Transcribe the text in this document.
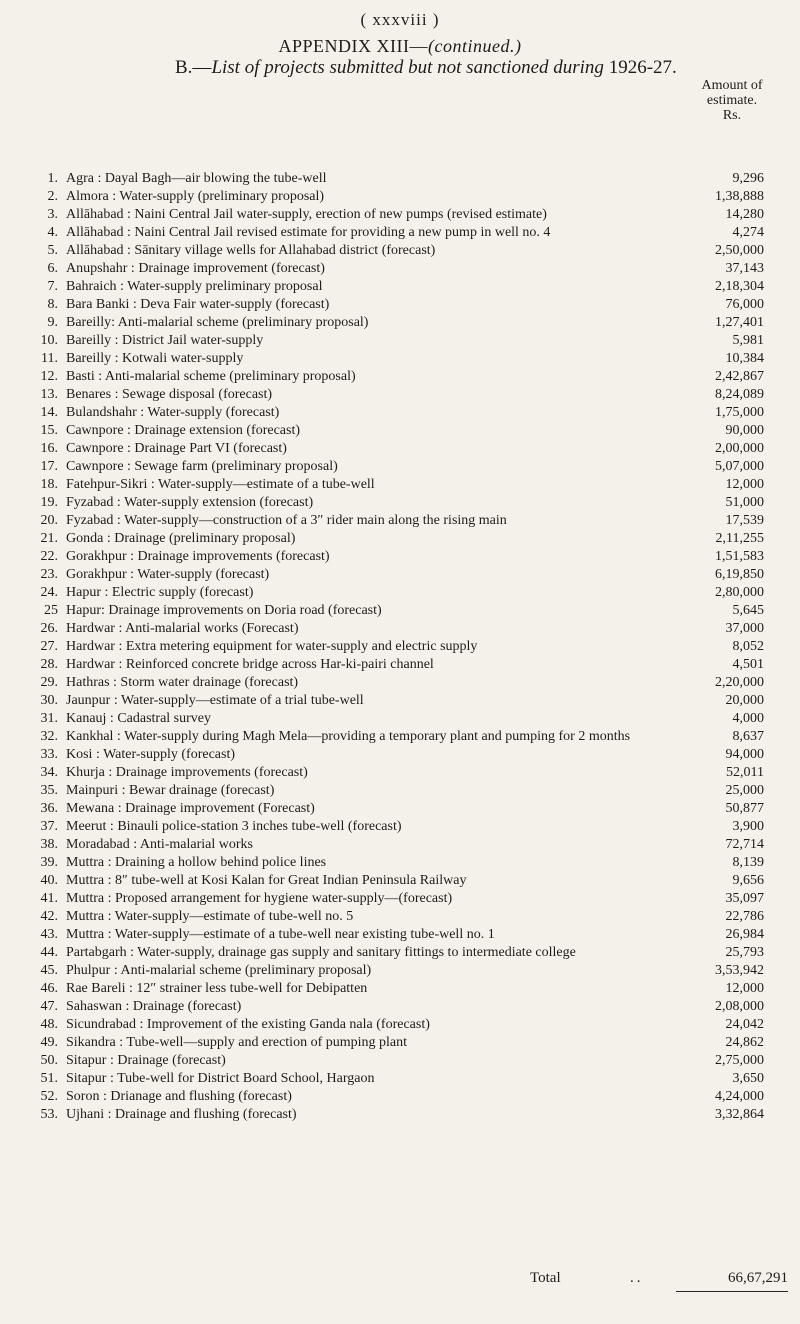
( xxxviii )
APPENDIX XIII—(continued.)
B.—List of projects submitted but not sanctioned during 1926-27.
Amount of
estimate.
Rs.
1. Agra : Dayal Bagh—air blowing the tube-well	9,296
2. Almora : Water-supply (preliminary proposal)	1,38,888
3. Allāhabad : Naini Central Jail water-supply, erection of new pumps (revised estimate)	14,280
4. Allāhabad : Naini Central Jail revised estimate for providing a new pump in well no. 4	4,274
5. Allāhabad : Sānitary village wells for Allahabad district (forecast)	2,50,000
6. Anupshahr : Drainage improvement (forecast)	37,143
7. Bahraich : Water-supply preliminary proposal	2,18,304
8. Bara Banki : Deva Fair water-supply (forecast)	76,000
9. Bareilly: Anti-malarial scheme (preliminary proposal)	1,27,401
10. Bareilly : District Jail water-supply	5,981
11. Bareilly : Kotwali water-supply	10,384
12. Basti : Anti-malarial scheme (preliminary proposal)	2,42,867
13. Benares : Sewage disposal (forecast)	8,24,089
14. Bulandshahr : Water-supply (forecast)	1,75,000
15. Cawnpore : Drainage extension (forecast)	90,000
16. Cawnpore : Drainage Part VI (forecast)	2,00,000
17. Cawnpore : Sewage farm (preliminary proposal)	5,07,000
18. Fatehpur-Sikri : Water-supply—estimate of a tube-well	12,000
19. Fyzabad : Water-supply extension (forecast)	51,000
20. Fyzabad : Water-supply—construction of a 3″ rider main along the rising main	17,539
21. Gonda : Drainage (preliminary proposal)	2,11,255
22. Gorakhpur : Drainage improvements (forecast)	1,51,583
23. Gorakhpur : Water-supply (forecast)	6,19,850
24. Hapur : Electric supply (forecast)	2,80,000
25 Hapur: Drainage improvements on Doria road (forecast)	5,645
26. Hardwar : Anti-malarial works (Forecast)	37,000
27. Hardwar : Extra metering equipment for water-supply and electric supply	8,052
28. Hardwar : Reinforced concrete bridge across Har-ki-pairi channel	4,501
29. Hathras : Storm water drainage (forecast)	2,20,000
30. Jaunpur : Water-supply—estimate of a trial tube-well	20,000
31. Kanauj : Cadastral survey	4,000
32. Kankhal : Water-supply during Magh Mela—providing a temporary plant and pumping for 2 months	8,637
33. Kosi : Water-supply (forecast)	94,000
34. Khurja : Drainage improvements (forecast)	52,011
35. Mainpuri : Bewar drainage (forecast)	25,000
36. Mewana : Drainage improvement (Forecast)	50,877
37. Meerut : Binauli police-station 3 inches tube-well (forecast)	3,900
38. Moradabad : Anti-malarial works	72,714
39. Muttra : Draining a hollow behind police lines	8,139
40. Muttra : 8″ tube-well at Kosi Kalan for Great Indian Peninsula Railway	9,656
41. Muttra : Proposed arrangement for hygiene water-supply—(forecast)	35,097
42. Muttra : Water-supply—estimate of tube-well no. 5	22,786
43. Muttra : Water-supply—estimate of a tube-well near existing tube-well no. 1	26,984
44. Partabgarh : Water-supply, drainage gas supply and sanitary fittings to intermediate college	25,793
45. Phulpur : Anti-malarial scheme (preliminary proposal)	3,53,942
46. Rae Bareli : 12″ strainer less tube-well for Debipatten	12,000
47. Sahaswan : Drainage (forecast)	2,08,000
48. Sicundrabad : Improvement of the existing Ganda nala (forecast)	24,042
49. Sikandra : Tube-well—supply and erection of pumping plant	24,862
50. Sitapur : Drainage (forecast)	2,75,000
51. Sitapur : Tube-well for District Board School, Hargaon	3,650
52. Soron : Drianage and flushing (forecast)	4,24,000
53. Ujhani : Drainage and flushing (forecast)	3,32,864
Total	..	66,67,291
